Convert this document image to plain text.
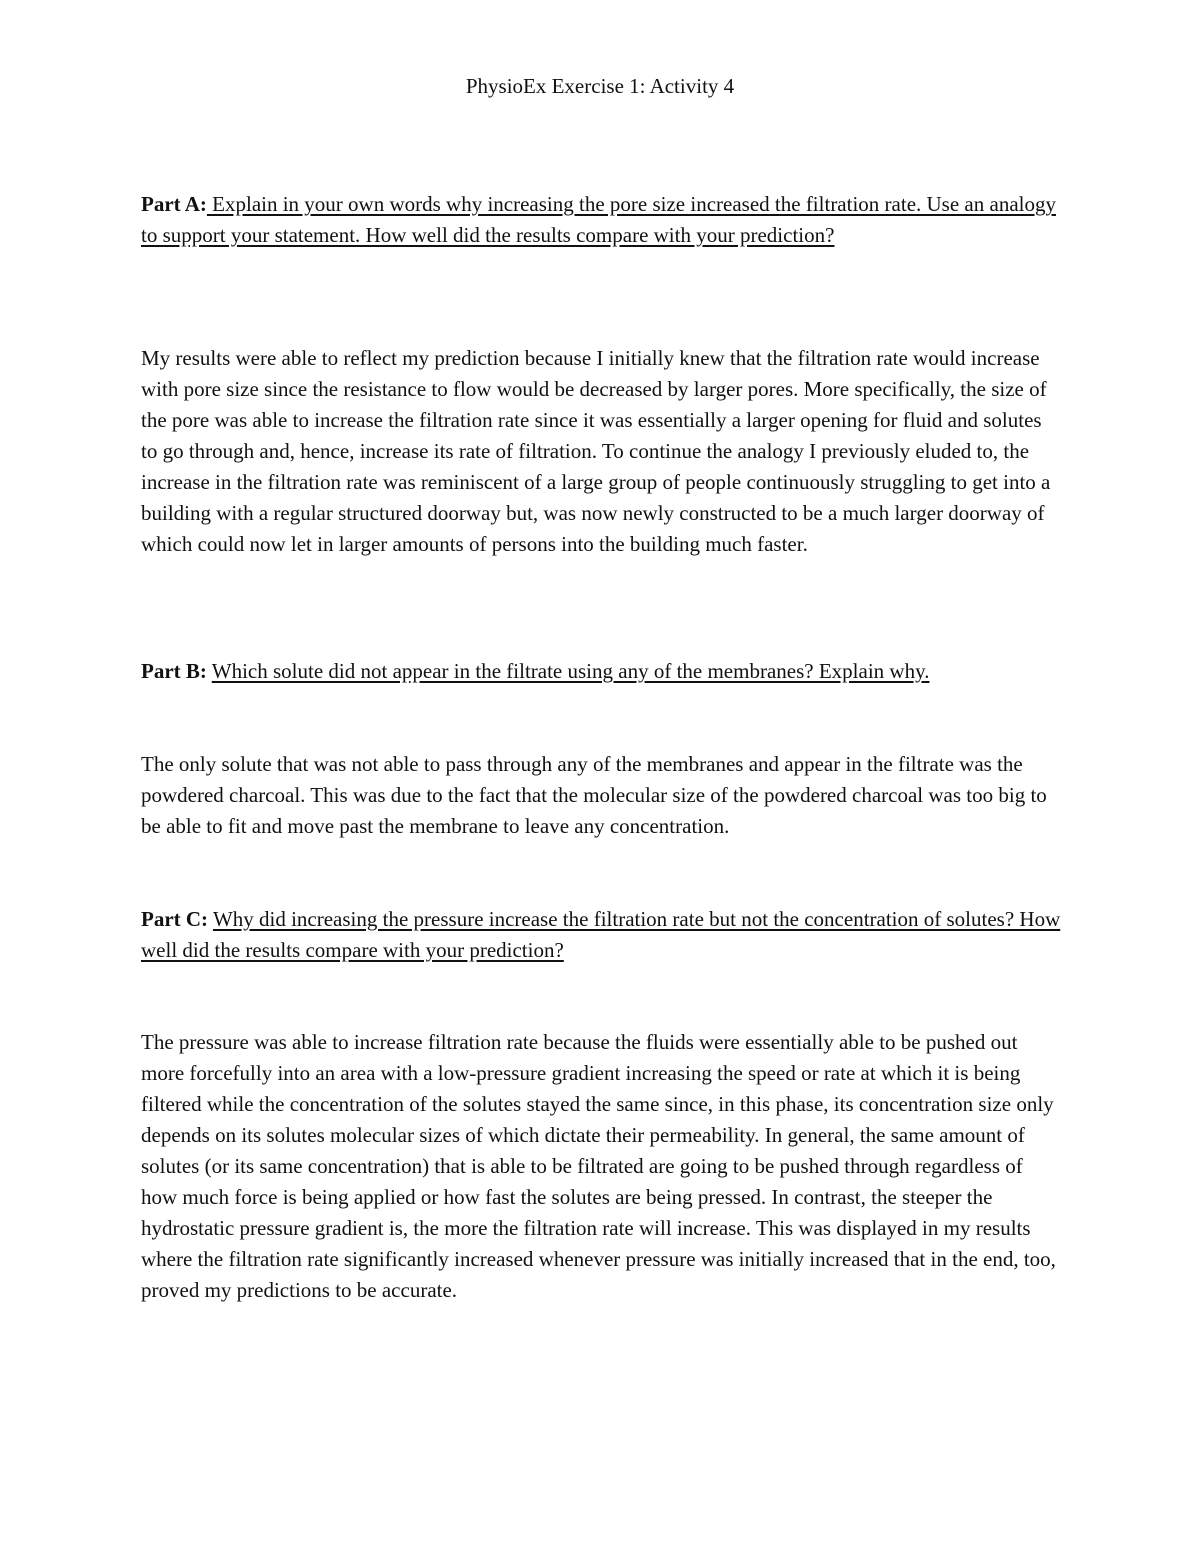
PhysioEx Exercise 1: Activity 4

Part A: Explain in your own words why increasing the pore size increased the filtration rate. Use an analogy to support your statement. How well did the results compare with your prediction?

My results were able to reflect my prediction because I initially knew that the filtration rate would increase with pore size since the resistance to flow would be decreased by larger pores. More specifically, the size of the pore was able to increase the filtration rate since it was essentially a larger opening for fluid and solutes to go through and, hence, increase its rate of filtration. To continue the analogy I previously eluded to, the increase in the filtration rate was reminiscent of a large group of people continuously struggling to get into a building with a regular structured doorway but, was now newly constructed to be a much larger doorway of which could now let in larger amounts of persons into the building much faster.

Part B: Which solute did not appear in the filtrate using any of the membranes? Explain why.

The only solute that was not able to pass through any of the membranes and appear in the filtrate was the powdered charcoal. This was due to the fact that the molecular size of the powdered charcoal was too big to be able to fit and move past the membrane to leave any concentration.

Part C: Why did increasing the pressure increase the filtration rate but not the concentration of solutes? How well did the results compare with your prediction?

The pressure was able to increase filtration rate because the fluids were essentially able to be pushed out more forcefully into an area with a low-pressure gradient increasing the speed or rate at which it is being filtered while the concentration of the solutes stayed the same since, in this phase, its concentration size only depends on its solutes molecular sizes of which dictate their permeability. In general, the same amount of solutes (or its same concentration) that is able to be filtrated are going to be pushed through regardless of how much force is being applied or how fast the solutes are being pressed. In contrast, the steeper the hydrostatic pressure gradient is, the more the filtration rate will increase. This was displayed in my results where the filtration rate significantly increased whenever pressure was initially increased that in the end, too, proved my predictions to be accurate.
